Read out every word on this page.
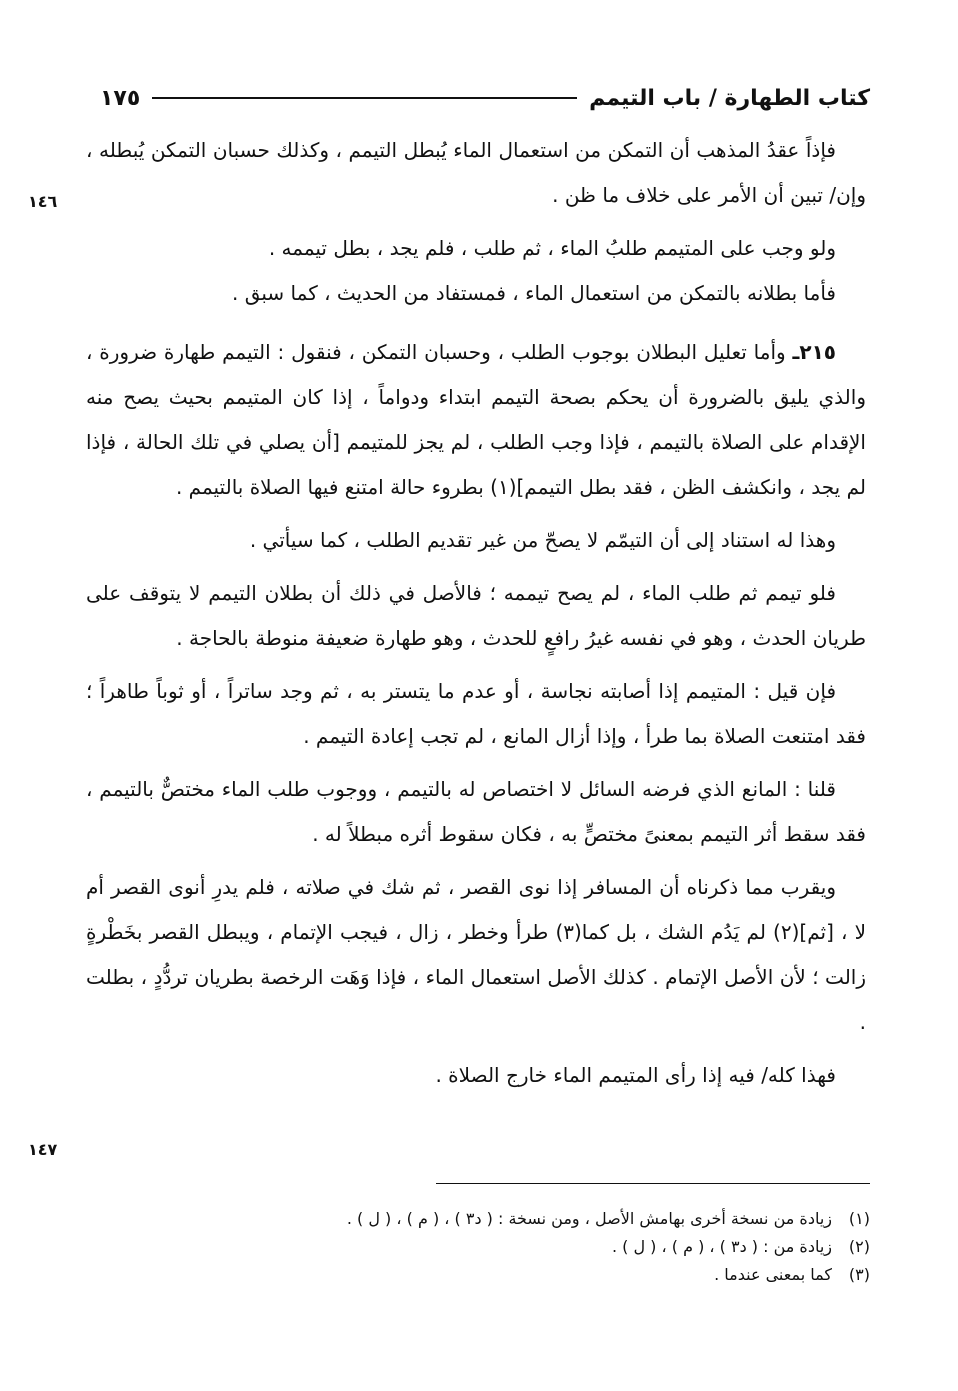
كتاب الطهارة / باب التيمم
١٧٥
١٤٦
١٤٧

فإذاً عقدُ المذهب أن التمكن من استعمال الماء يُبطل التيمم ، وكذلك حسبان التمكن يُبطله ، وإن/ تبين أن الأمر على خلاف ما ظن .

ولو وجب على المتيمم طلبُ الماء ، ثم طلب ، فلم يجد ، بطل تيممه .

فأما بطلانه بالتمكن من استعمال الماء ، فمستفاد من الحديث ، كما سبق .

٢١٥ـ وأما تعليل البطلان بوجوب الطلب ، وحسبان التمكن ، فنقول : التيمم طهارة ضرورة ، والذي يليق بالضرورة أن يحكم بصحة التيمم ابتداء ودواماً ، إذا كان المتيمم بحيث يصح منه الإقدام على الصلاة بالتيمم ، فإذا وجب الطلب ، لم يجز للمتيمم [أن يصلي في تلك الحالة ، فإذا لم يجد ، وانكشف الظن ، فقد بطل التيمم](١) بطروء حالة امتنع فيها الصلاة بالتيمم .

وهذا له استناد إلى أن التيمّم لا يصحّ من غير تقديم الطلب ، كما سيأتي .

فلو تيمم ثم طلب الماء ، لم يصح تيممه ؛ فالأصل في ذلك أن بطلان التيمم لا يتوقف على طريان الحدث ، وهو في نفسه غيرُ رافعٍ للحدث ، وهو طهارة ضعيفة منوطة بالحاجة .

فإن قيل : المتيمم إذا أصابته نجاسة ، أو عدم ما يتستر به ، ثم وجد ساتراً ، أو ثوباً طاهراً ؛ فقد امتنعت الصلاة بما طرأ ، وإذا أزال المانع ، لم تجب إعادة التيمم .

قلنا : المانع الذي فرضه السائل لا اختصاص له بالتيمم ، ووجوب طلب الماء مختصٌّ بالتيمم ، فقد سقط أثر التيمم بمعنىً مختصٍّ به ، فكان سقوط أثره مبطلاً له .

ويقرب مما ذكرناه أن المسافر إذا نوى القصر ، ثم شك في صلاته ، فلم يدرِ أنوى القصر أم لا ، [ثم](٢) لم يَدُم الشك ، بل كما(٣) طرأ وخطر ، زال ، فيجب الإتمام ، ويبطل القصر بخَطْرةٍ زالت ؛ لأن الأصل الإتمام . كذلك الأصل استعمال الماء ، فإذا وَهَت الرخصة بطريان تردُّدٍ ، بطلت .

فهذا كله/ فيه إذا رأى المتيمم الماء خارج الصلاة .

(١)
زيادة من نسخة أخرى بهامش الأصل ، ومن نسخة : ( د٣ ) ، ( م ) ، ( ل ) .
(٢)
زيادة من : ( د٣ ) ، ( م ) ، ( ل ) .
(٣)
كما بمعنى عندما .
